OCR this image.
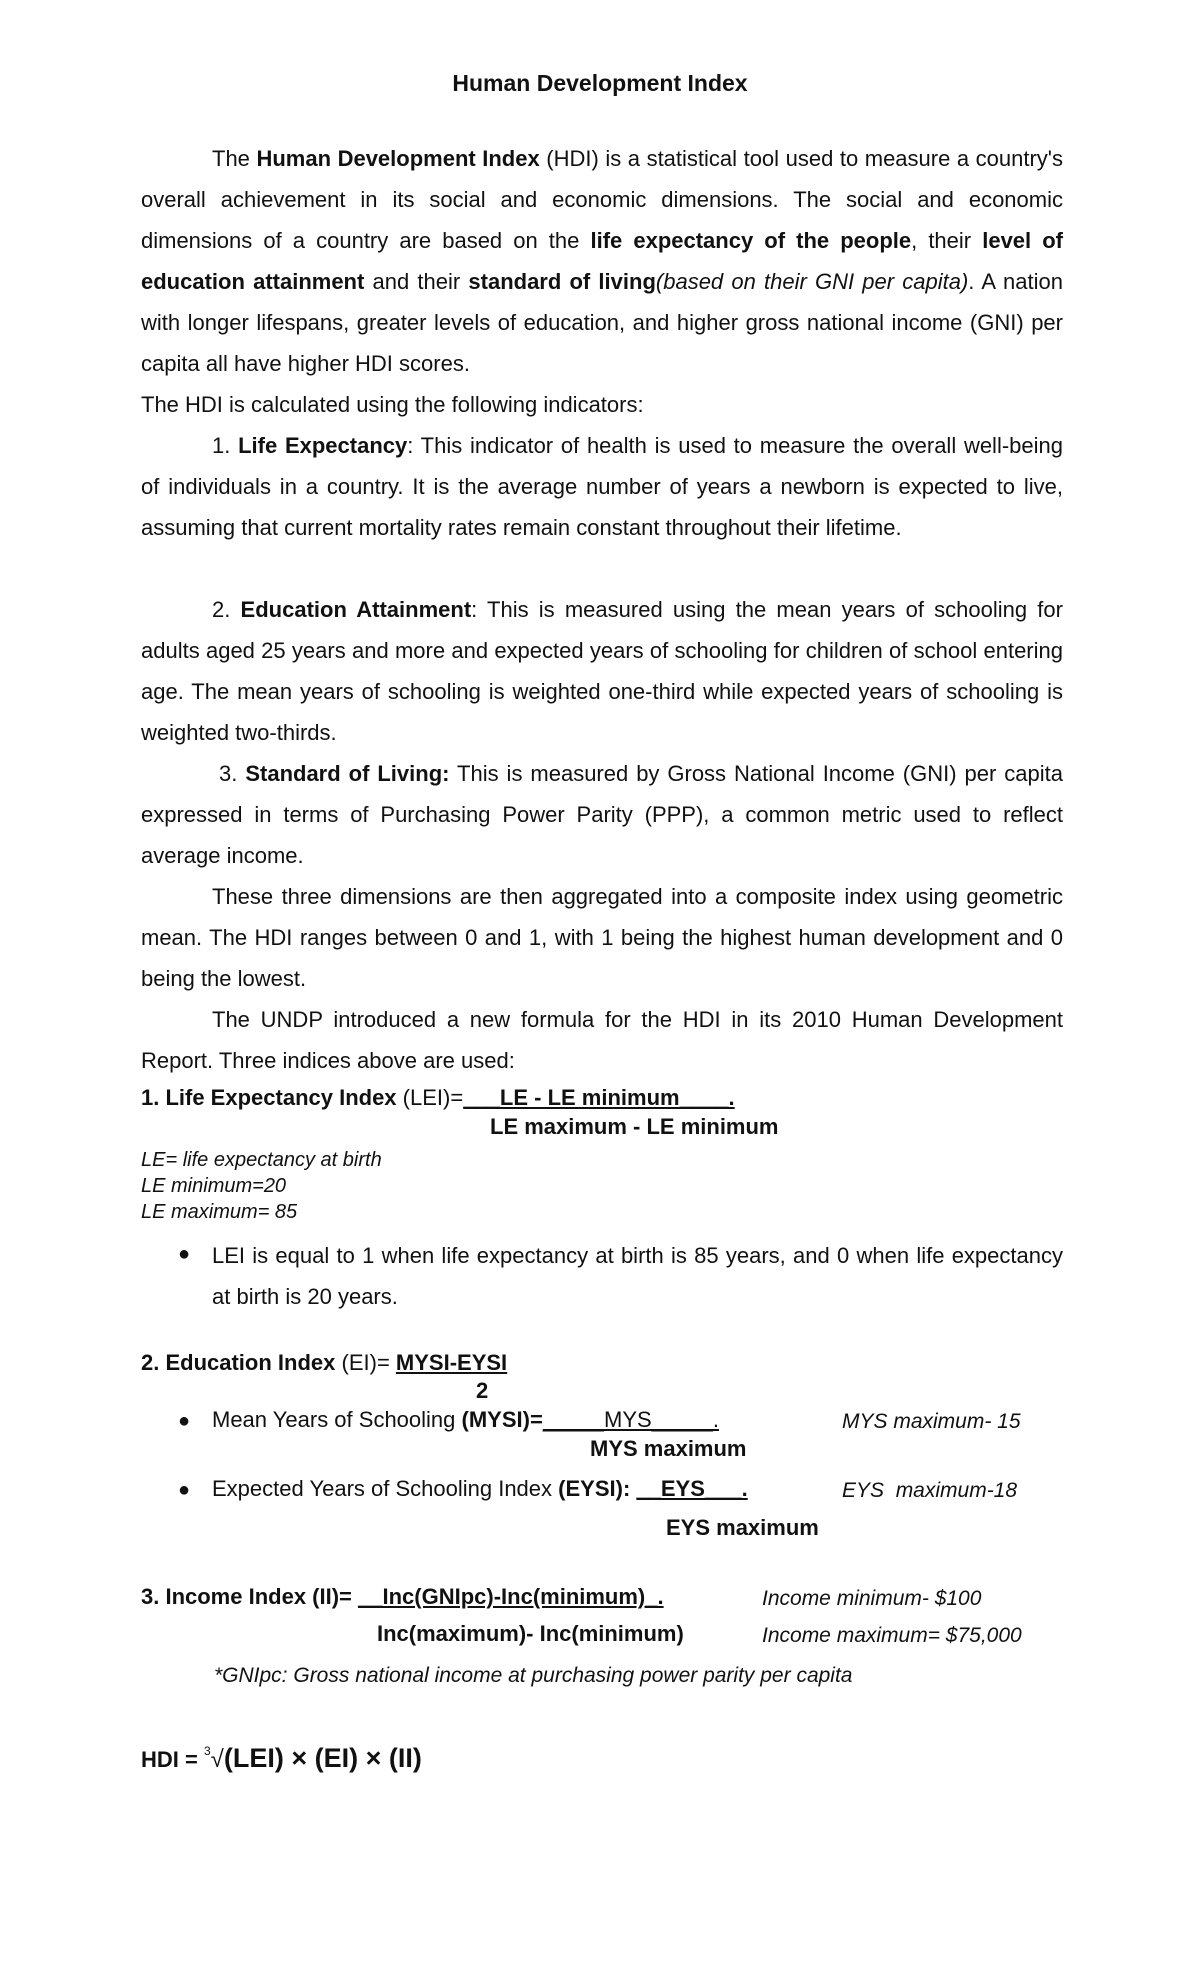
Human Development Index

The Human Development Index (HDI) is a statistical tool used to measure a country's overall achievement in its social and economic dimensions. The social and economic dimensions of a country are based on the life expectancy of the people, their level of education attainment and their standard of living(based on their GNI per capita). A nation with longer lifespans, greater levels of education, and higher gross national income (GNI) per capita all have higher HDI scores.

The HDI is calculated using the following indicators:

1. Life Expectancy: This indicator of health is used to measure the overall well-being of individuals in a country. It is the average number of years a newborn is expected to live, assuming that current mortality rates remain constant throughout their lifetime.

2. Education Attainment: This is measured using the mean years of schooling for adults aged 25 years and more and expected years of schooling for children of school entering age. The mean years of schooling is weighted one-third while expected years of schooling is weighted two-thirds.

3. Standard of Living: This is measured by Gross National Income (GNI) per capita expressed in terms of Purchasing Power Parity (PPP), a common metric used to reflect average income.

These three dimensions are then aggregated into a composite index using geometric mean. The HDI ranges between 0 and 1, with 1 being the highest human development and 0 being the lowest.

The UNDP introduced a new formula for the HDI in its 2010 Human Development Report. Three indices above are used:

1. Life Expectancy Index (LEI)=___LE - LE minimum____.
LE maximum - LE minimum
LE= life expectancy at birth
LE minimum=20
LE maximum= 85
● LEI is equal to 1 when life expectancy at birth is 85 years, and 0 when life expectancy at birth is 20 years.

2. Education Index (EI)= MYSI-EYSI
2
● Mean Years of Schooling (MYSI)=_____MYS_____.	MYS maximum- 15
MYS maximum
● Expected Years of Schooling Index (EYSI): __EYS___.	EYS  maximum-18
EYS maximum
3. Income Index (II)= __Inc(GNIpc)-Inc(minimum)_.	Income minimum- $100
Inc(maximum)- Inc(minimum)	Income maximum= $75,000
*GNIpc: Gross national income at purchasing power parity per capita
HDI = $^3$√(LEI) × (EI) × (II)
